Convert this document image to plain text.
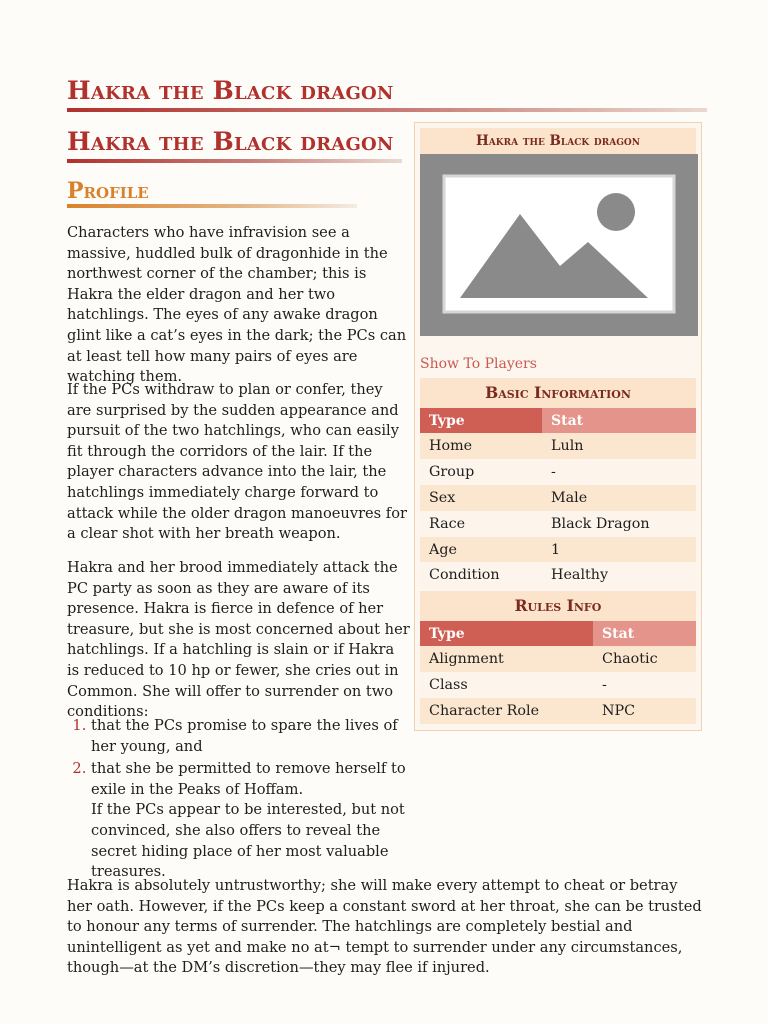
Hakra the Black dragon
Hakra the Black dragon
Profile

Characters who have infravision see a massive, huddled bulk of dragonhide in the northwest corner of the chamber; this is Hakra the elder dragon and her two hatchlings. The eyes of any awake dragon glint like a cat’s eyes in the dark; the PCs can at least tell how many pairs of eyes are watching them.

If the PCs withdraw to plan or confer, they are surprised by the sudden appearance and pursuit of the two hatchlings, who can easily fit through the corridors of the lair. If the player characters advance into the lair, the hatchlings immediately charge forward to attack while the older dragon manoeuvres for a clear shot with her breath weapon.

Hakra and her brood immediately attack the PC party as soon as they are aware of its presence. Hakra is fierce in defence of her treasure, but she is most concerned about her hatchlings. If a hatchling is slain or if Hakra is reduced to 10 hp or fewer, she cries out in Common. She will offer to surrender on two conditions:

1. that the PCs promise to spare the lives of her young, and
2. that she be permitted to remove herself to exile in the Peaks of Hoffam.
If the PCs appear to be interested, but not convinced, she also offers to reveal the secret hiding place of her most valuable treasures.

Hakra is absolutely untrustworthy; she will make every attempt to cheat or betray her oath. However, if the PCs keep a constant sword at her throat, she can be trusted to honour any terms of surrender. The hatchlings are completely bestial and unintelligent as yet and make no at¬ tempt to surrender under any circumstances, though—at the DM’s discretion—they may flee if injured.

Hakra the Black dragon
Show To Players
Basic Information
Type	Stat
Home	Luln
Group	-
Sex	Male
Race	Black Dragon
Age	1
Condition	Healthy
Rules Info
Type	Stat
Alignment	Chaotic
Class	-
Character Role	NPC
